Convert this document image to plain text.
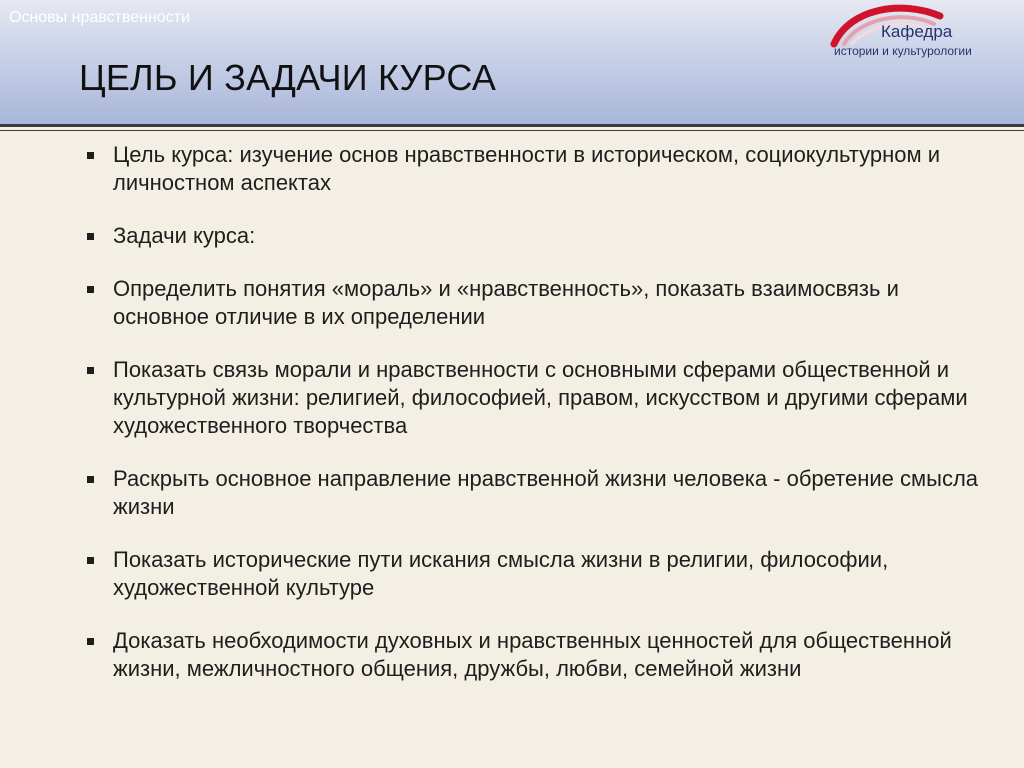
Основы нравственности
ЦЕЛЬ И ЗАДАЧИ КУРСА
Кафедра
истории и культурологии
Цель курса: изучение основ нравственности в историческом, социокультурном и личностном аспектах
Задачи курса:
Определить понятия «мораль» и «нравственность», показать взаимосвязь и основное отличие в их определении
Показать связь морали и нравственности с основными сферами общественной и культурной жизни: религией, философией, правом, искусством и другими сферами художественного творчества
Раскрыть основное направление нравственной жизни человека - обретение смысла жизни
Показать исторические пути искания смысла жизни в религии, философии, художественной культуре
Доказать необходимости духовных и нравственных ценностей для общественной жизни, межличностного общения, дружбы, любви, семейной жизни
